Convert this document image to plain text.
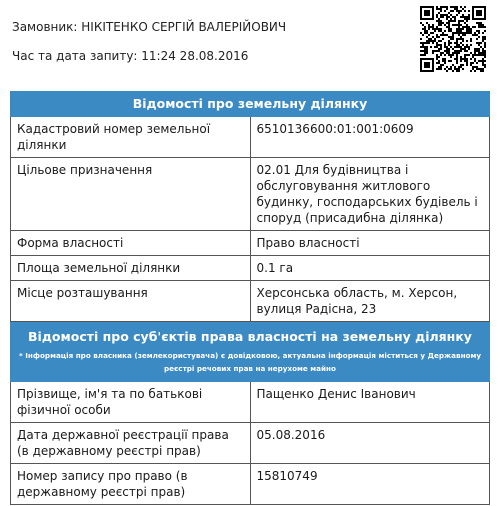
Замовник: НІКІТЕНКО СЕРГІЙ ВАЛЕРІЙОВИЧ
Час та дата запиту: 11:24 28.08.2016
Відомості про земельну ділянку	
Кадастровий номер земельної ділянки	6510136600:01:001:0609
Цільове призначення	02.01 Для будівництва і обслуговування житлового будинку, господарських будівель і споруд (присадибна ділянка)
Форма власності	Право власності
Площа земельної ділянки	0.1 га
Місце розташування	Херсонська область, м. Херсон, вулиця Радісна, 23
Відомості про суб'єктів права власності на земельну ділянку
* Інформація про власника (землекористувача) є довідковою, актуальна інформація міститься у Державному реєстрі речових прав на нерухоме майно	

Прізвище, ім'я та по батькові фізичної особи	Пащенко Денис Іванович
Дата державної реєстрації права (в державному реєстрі прав)	05.08.2016
Номер запису про право (в державному реєстрі прав)	15810749
